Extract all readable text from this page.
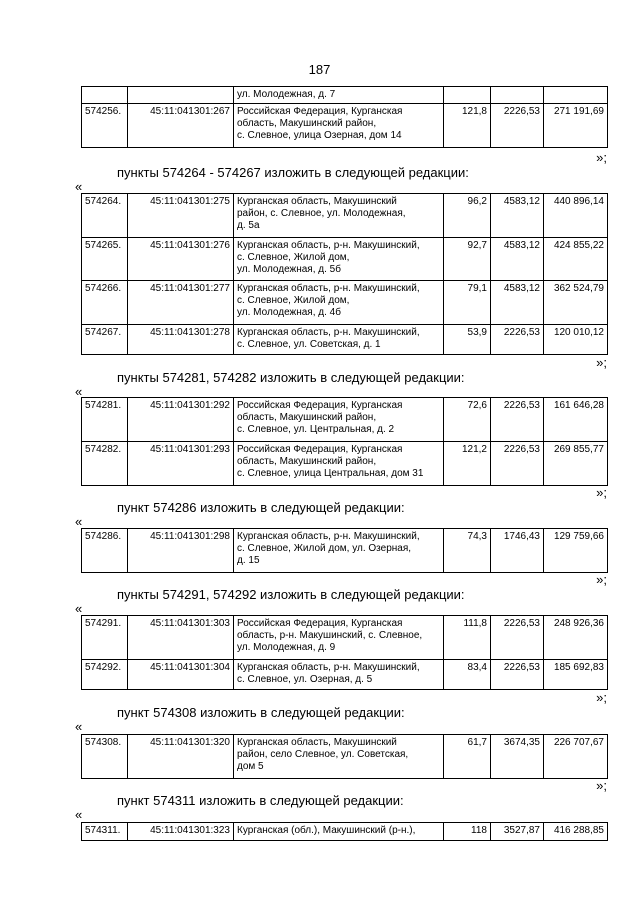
187

		ул. Молодежная, д. 7			

574256.	45:11:041301:267	Российская Федерация, Курганская
область, Макушинский район,
с. Слевное, улица Озерная, дом 14	121,8	2226,53	271 191,69
»;
пункты 574264 - 574267 изложить в следующей редакции:
«
574264.	45:11:041301:275	Курганская область, Макушинский
район, с. Слевное, ул. Молодежная,
д. 5а	96,2	4583,12	440 896,14
574265.	45:11:041301:276	Курганская область, р-н. Макушинский,
с. Слевное, Жилой дом,
ул. Молодежная, д. 5б	92,7	4583,12	424 855,22
574266.	45:11:041301:277	Курганская область, р-н. Макушинский,
с. Слевное, Жилой дом,
ул. Молодежная, д. 4б	79,1	4583,12	362 524,79
574267.	45:11:041301:278	Курганская область, р-н. Макушинский,
с. Слевное, ул. Советская, д. 1	53,9	2226,53	120 010,12
»;
пункты 574281, 574282 изложить в следующей редакции:
«
574281.	45:11:041301:292	Российская Федерация, Курганская
область, Макушинский район,
с. Слевное, ул. Центральная, д. 2	72,6	2226,53	161 646,28
574282.	45:11:041301:293	Российская Федерация, Курганская
область, Макушинский район,
с. Слевное, улица Центральная, дом 31	121,2	2226,53	269 855,77
»;
пункт 574286 изложить в следующей редакции:
«
574286.	45:11:041301:298	Курганская область, р-н. Макушинский,
с. Слевное, Жилой дом, ул. Озерная,
д. 15
	74,3	1746,43	129 759,66
»;
пункты 574291, 574292 изложить в следующей редакции:
«
574291.	45:11:041301:303	Российская Федерация, Курганская
область, р-н. Макушинский, с. Слевное,
ул. Молодежная, д. 9	111,8	2226,53	248 926,36
574292.	45:11:041301:304	Курганская область, р-н. Макушинский,
с. Слевное, ул. Озерная, д. 5	83,4	2226,53	185 692,83
»;
пункт 574308 изложить в следующей редакции:
«
574308.	45:11:041301:320	Курганская область, Макушинский
район, село Слевное, ул. Советская,
дом 5
	61,7	3674,35	226 707,67
»;
пункт 574311 изложить в следующей редакции:
«
574311.	45:11:041301:323	Курганская (обл.), Макушинский (р-н.),	118	3527,87	416 288,85
